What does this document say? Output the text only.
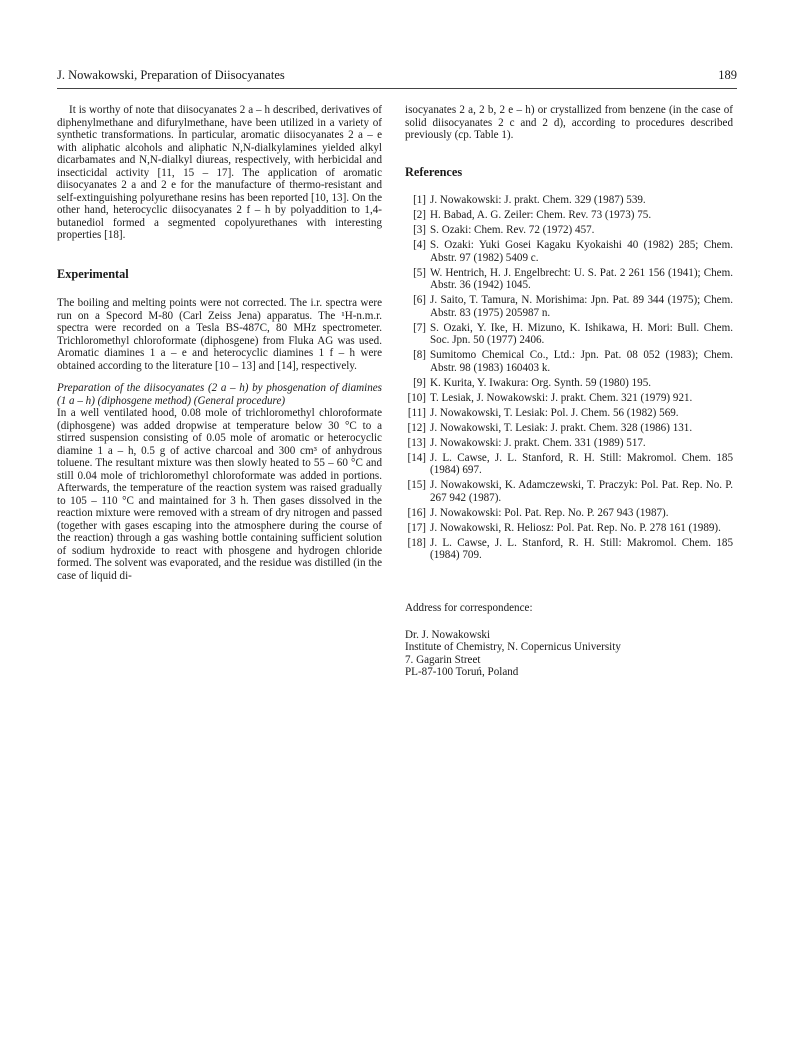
J. Nowakowski, Preparation of Diisocyanates	189

It is worthy of note that diisocyanates 2 a – h described, derivatives of diphenylmethane and difurylmethane, have been utilized in a variety of synthetic transformations. In particular, aromatic diisocyanates 2 a – e with aliphatic alcohols and aliphatic N,N-dialkylamines yielded alkyl dicarbamates and N,N-dialkyl diureas, respectively, with herbicidal and insecticidal activity [11, 15 – 17]. The application of aromatic diisocyanates 2 a and 2 e for the manufacture of thermo-resistant and self-extinguishing polyurethane resins has been reported [10, 13]. On the other hand, heterocyclic diisocyanates 2 f – h by polyaddition to 1,4-butanediol formed a segmented copolyurethanes with interesting properties [18].

Experimental

The boiling and melting points were not corrected. The i.r. spectra were run on a Specord M-80 (Carl Zeiss Jena) apparatus. The ¹H-n.m.r. spectra were recorded on a Tesla BS-487C, 80 MHz spectrometer. Trichloromethyl chloroformate (diphosgene) from Fluka AG was used. Aromatic diamines 1 a – e and heterocyclic diamines 1 f – h were obtained according to the literature [10 – 13] and [14], respectively.

Preparation of the diisocyanates (2 a – h) by phosgenation of diamines (1 a – h) (diphosgene method) (General procedure)

In a well ventilated hood, 0.08 mole of trichloromethyl chloroformate (diphosgene) was added dropwise at temperature below 30 °C to a stirred suspension consisting of 0.05 mole of aromatic or heterocyclic diamine 1 a – h, 0.5 g of active charcoal and 300 cm³ of anhydrous toluene. The resultant mixture was then slowly heated to 55 – 60 °C and still 0.04 mole of trichloromethyl chloroformate was added in portions. Afterwards, the temperature of the reaction system was raised gradually to 105 – 110 °C and maintained for 3 h. Then gases dissolved in the reaction mixture were removed with a stream of dry nitrogen and passed (together with gases escaping into the atmosphere during the course of the reaction) through a gas washing bottle containing sufficient solution of sodium hydroxide to react with phosgene and hydrogen chloride formed. The solvent was evaporated, and the residue was distilled (in the case of liquid di-

isocyanates 2 a, 2 b, 2 e – h) or crystallized from benzene (in the case of solid diisocyanates 2 c and 2 d), according to procedures described previously (cp. Table 1).

References

[1] J. Nowakowski: J. prakt. Chem. 329 (1987) 539.
[2] H. Babad, A. G. Zeiler: Chem. Rev. 73 (1973) 75.
[3] S. Ozaki: Chem. Rev. 72 (1972) 457.
[4] S. Ozaki: Yuki Gosei Kagaku Kyokaishi 40 (1982) 285; Chem. Abstr. 97 (1982) 5409 c.
[5] W. Hentrich, H. J. Engelbrecht: U. S. Pat. 2 261 156 (1941); Chem. Abstr. 36 (1942) 1045.
[6] J. Saito, T. Tamura, N. Morishima: Jpn. Pat. 89 344 (1975); Chem. Abstr. 83 (1975) 205987 n.
[7] S. Ozaki, Y. Ike, H. Mizuno, K. Ishikawa, H. Mori: Bull. Chem. Soc. Jpn. 50 (1977) 2406.
[8] Sumitomo Chemical Co., Ltd.: Jpn. Pat. 08 052 (1983); Chem. Abstr. 98 (1983) 160403 k.
[9] K. Kurita, Y. Iwakura: Org. Synth. 59 (1980) 195.
[10] T. Lesiak, J. Nowakowski: J. prakt. Chem. 321 (1979) 921.
[11] J. Nowakowski, T. Lesiak: Pol. J. Chem. 56 (1982) 569.
[12] J. Nowakowski, T. Lesiak: J. prakt. Chem. 328 (1986) 131.
[13] J. Nowakowski: J. prakt. Chem. 331 (1989) 517.
[14] J. L. Cawse, J. L. Stanford, R. H. Still: Makromol. Chem. 185 (1984) 697.
[15] J. Nowakowski, K. Adamczewski, T. Praczyk: Pol. Pat. Rep. No. P. 267 942 (1987).
[16] J. Nowakowski: Pol. Pat. Rep. No. P. 267 943 (1987).
[17] J. Nowakowski, R. Heliosz: Pol. Pat. Rep. No. P. 278 161 (1989).
[18] J. L. Cawse, J. L. Stanford, R. H. Still: Makromol. Chem. 185 (1984) 709.

Address for correspondence:

Dr. J. Nowakowski

Institute of Chemistry, N. Copernicus University

7. Gagarin Street

PL-87-100 Toruń, Poland
